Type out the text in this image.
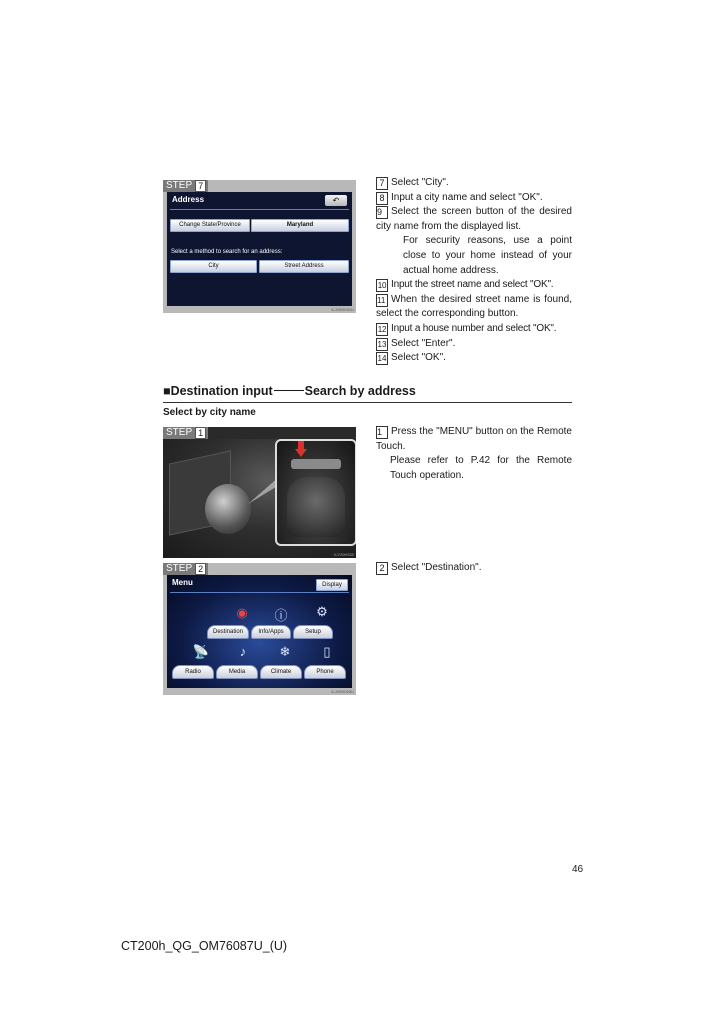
STEP 7
Address	↶
Change State/Province	Maryland
Select a method to search for an address:
City	Street Address
ILJ0SH031U
7 Select "City".
8 Input a city name and select "OK".
9 Select the screen button of the desired city name from the displayed list.
For security reasons, use a point close to your home instead of your actual home address.
10 Input the street name and select "OK".
11 When the desired street name is found, select the corresponding button.
12 Input a house number and select "OK".
13 Select "Enter".
14 Select "OK".
■Destination input	Search by address
Select by city name
STEP 1
ILY20H330
1 Press the "MENU" button on the Remote Touch.
Please refer to P.42 for the Remote Touch operation.
STEP 2
Menu	Display
◉	ⓘ	⚙
Destination	Info/Apps	Setup
📡	♪	❄	▯
Radio	Media	Climate	Phone
ILJ0SH028U
2 Select "Destination".
46
CT200h_QG_OM76087U_(U)
